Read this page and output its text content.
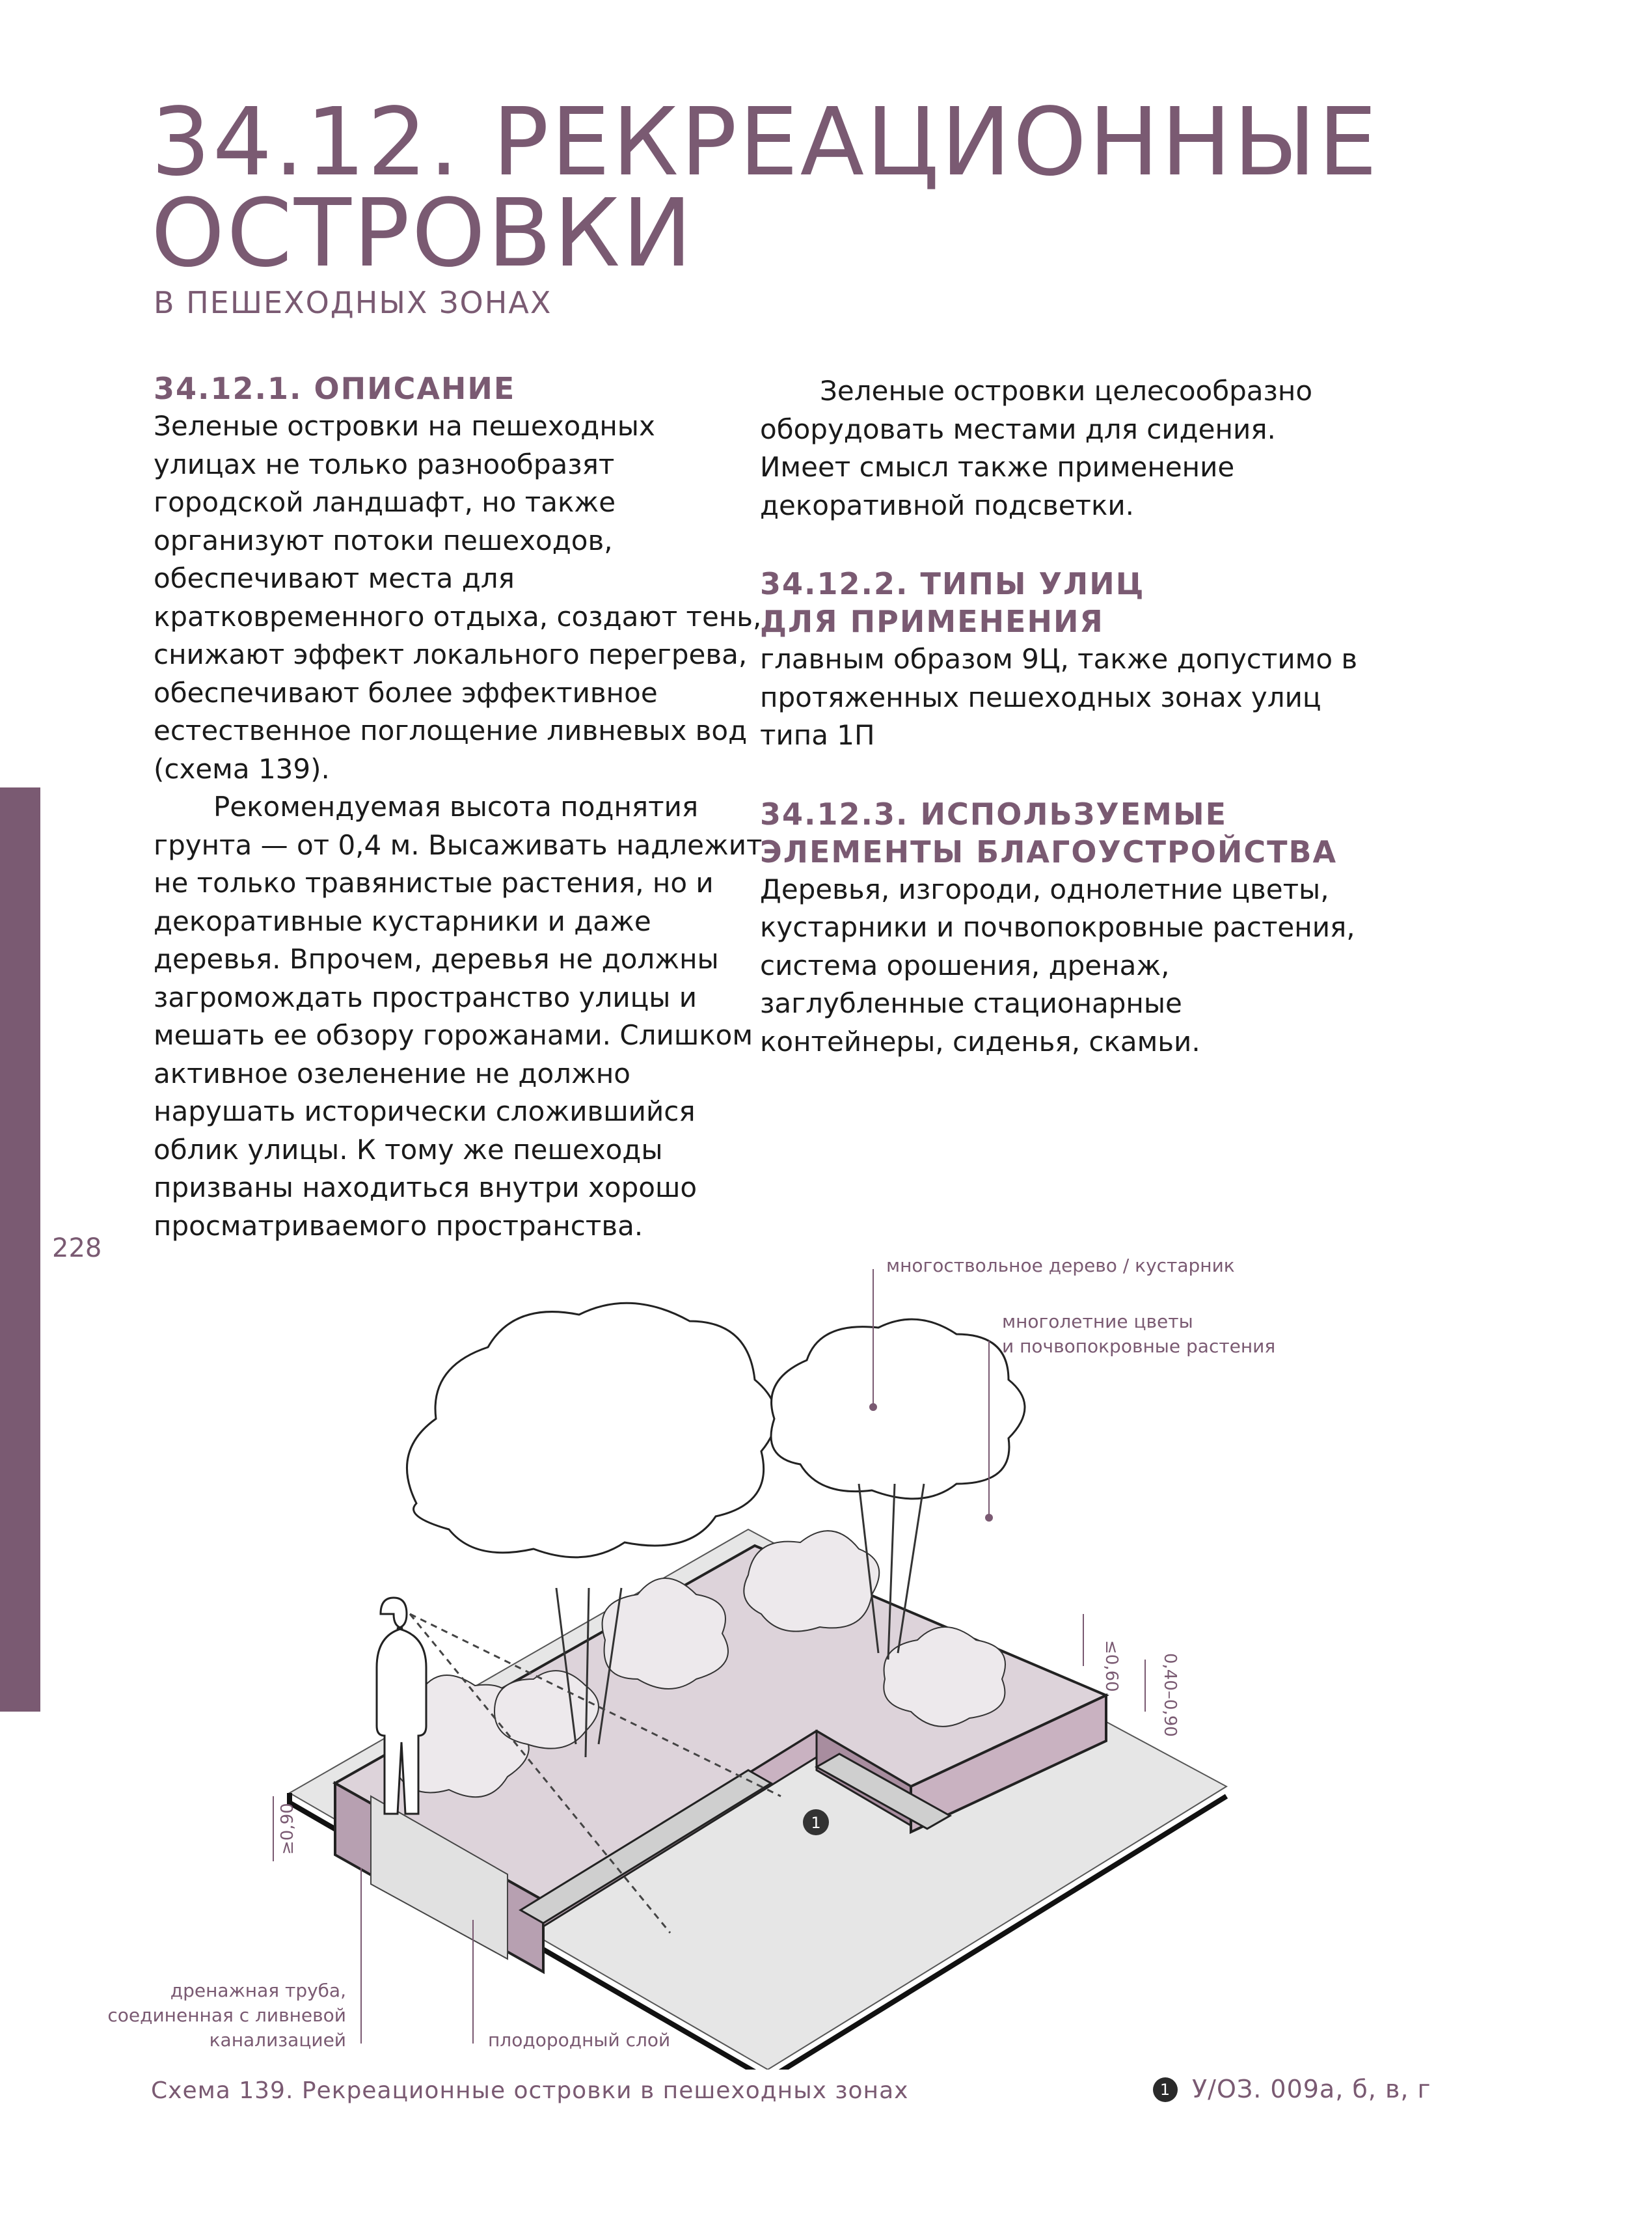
228
34.12. РЕКРЕАЦИОННЫЕ
ОСТРОВКИ
В ПЕШЕХОДНЫХ ЗОНАХ
34.12.1. ОПИСАНИЕ

Зеленые островки на пешеходных улицах не только разнообразят городской ландшафт, но также организуют потоки пешеходов, обеспечивают места для кратковременного отдыха, создают тень, снижают эффект локального перегрева, обеспечивают более эффективное естественное поглощение ливневых вод (схема 139).

Рекомендуемая высота поднятия грунта — от 0,4 м. Высаживать надлежит не только травянистые растения, но и декоративные кустарники и даже деревья. Впрочем, деревья не должны загромождать пространство улицы и мешать ее обзору горожанами. Слишком активное озеленение не должно нарушать исторически сложившийся облик улицы. К тому же пешеходы призваны находиться внутри хорошо просматриваемого пространства.

Зеленые островки целесообразно оборудовать местами для сидения. Имеет смысл также применение декоративной подсветки.

34.12.2. ТИПЫ УЛИЦ
ДЛЯ ПРИМЕНЕНИЯ

главным образом 9Ц, также допустимо в протяженных пешеходных зонах улиц типа 1П

34.12.3. ИСПОЛЬЗУЕМЫЕ
ЭЛЕМЕНТЫ БЛАГОУСТРОЙСТВА

Деревья, изгороди, однолетние цветы, кустарники и почвопокровные растения, система орошения, дренаж, заглубленные стационарные контейнеры, сиденья, скамьи.

многоствольное дерево / кустарник
многолетние цветы
и почвопокровные растения
дренажная труба,
соединенная с ливневой
канализацией	плодородный слой
≤0,60 0,40–0,90
≥0,90	1
Схема 139. Рекреационные островки в пешеходных зонах	1 У/ОЗ. 009а, б, в, г
